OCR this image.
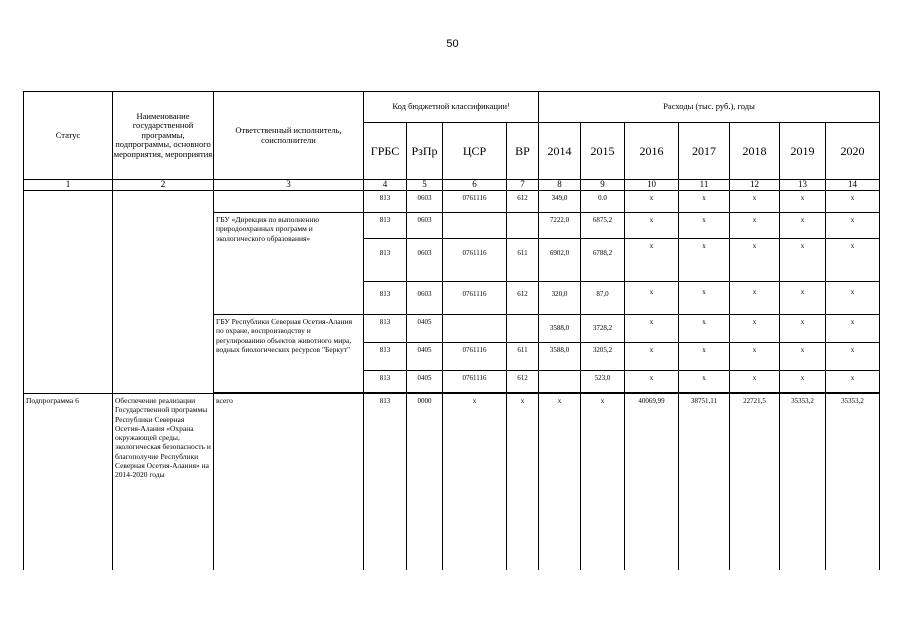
50
Статус	Наименование государственной программы, подпрограммы, основного мероприятия, мероприятия	Ответственный исполнитель, соисполнители	Код бюджетной классификации¹				Расходы (тыс. руб.), годы						
			ГРБС	РзПр	ЦСР	ВР	2014	2015	2016	2017	2018	2019	2020
1	2	3	4	5	6	7	8	9	10	11	12	13	14
			813	0603	0761116	612	349,0	0.0	х	х	х	х	х
		ГБУ «Дирекция по выполнению природоохранных программ и экологического образования»	813	0603			7222,0	6875,2	х	х	х	х	х
			813	0603	0761116	611	6902,0	6788,2	х	х	х	х	х
			813	0603	0761116	612	320,0	87,0	х	х	х	х	х
		ГБУ Республики Северная Осетия-Алания по охране, воспроизводству и регулированию объектов животного мира, водных биологических ресурсов "Беркут"	813	0405			3588,0	3728,2	х	х	х	х	х
			813	0405	0761116	611	3588,0	3205,2	х	х	х	х	х
			813	0405	0761116	612		523,0	х	х	х	х	х

Подпрограмма 6	Обеспечение реализации Государственной программы Республики Северная Осетия-Алания «Охрана окружающей среды, экологическая безопасность и благополучие Республики Северная Осетия-Алания» на 2014-2020 годы	всего	813	0000	х	х	х	х	40069,99	38751,11	22721,5	35353,2	35353,2
